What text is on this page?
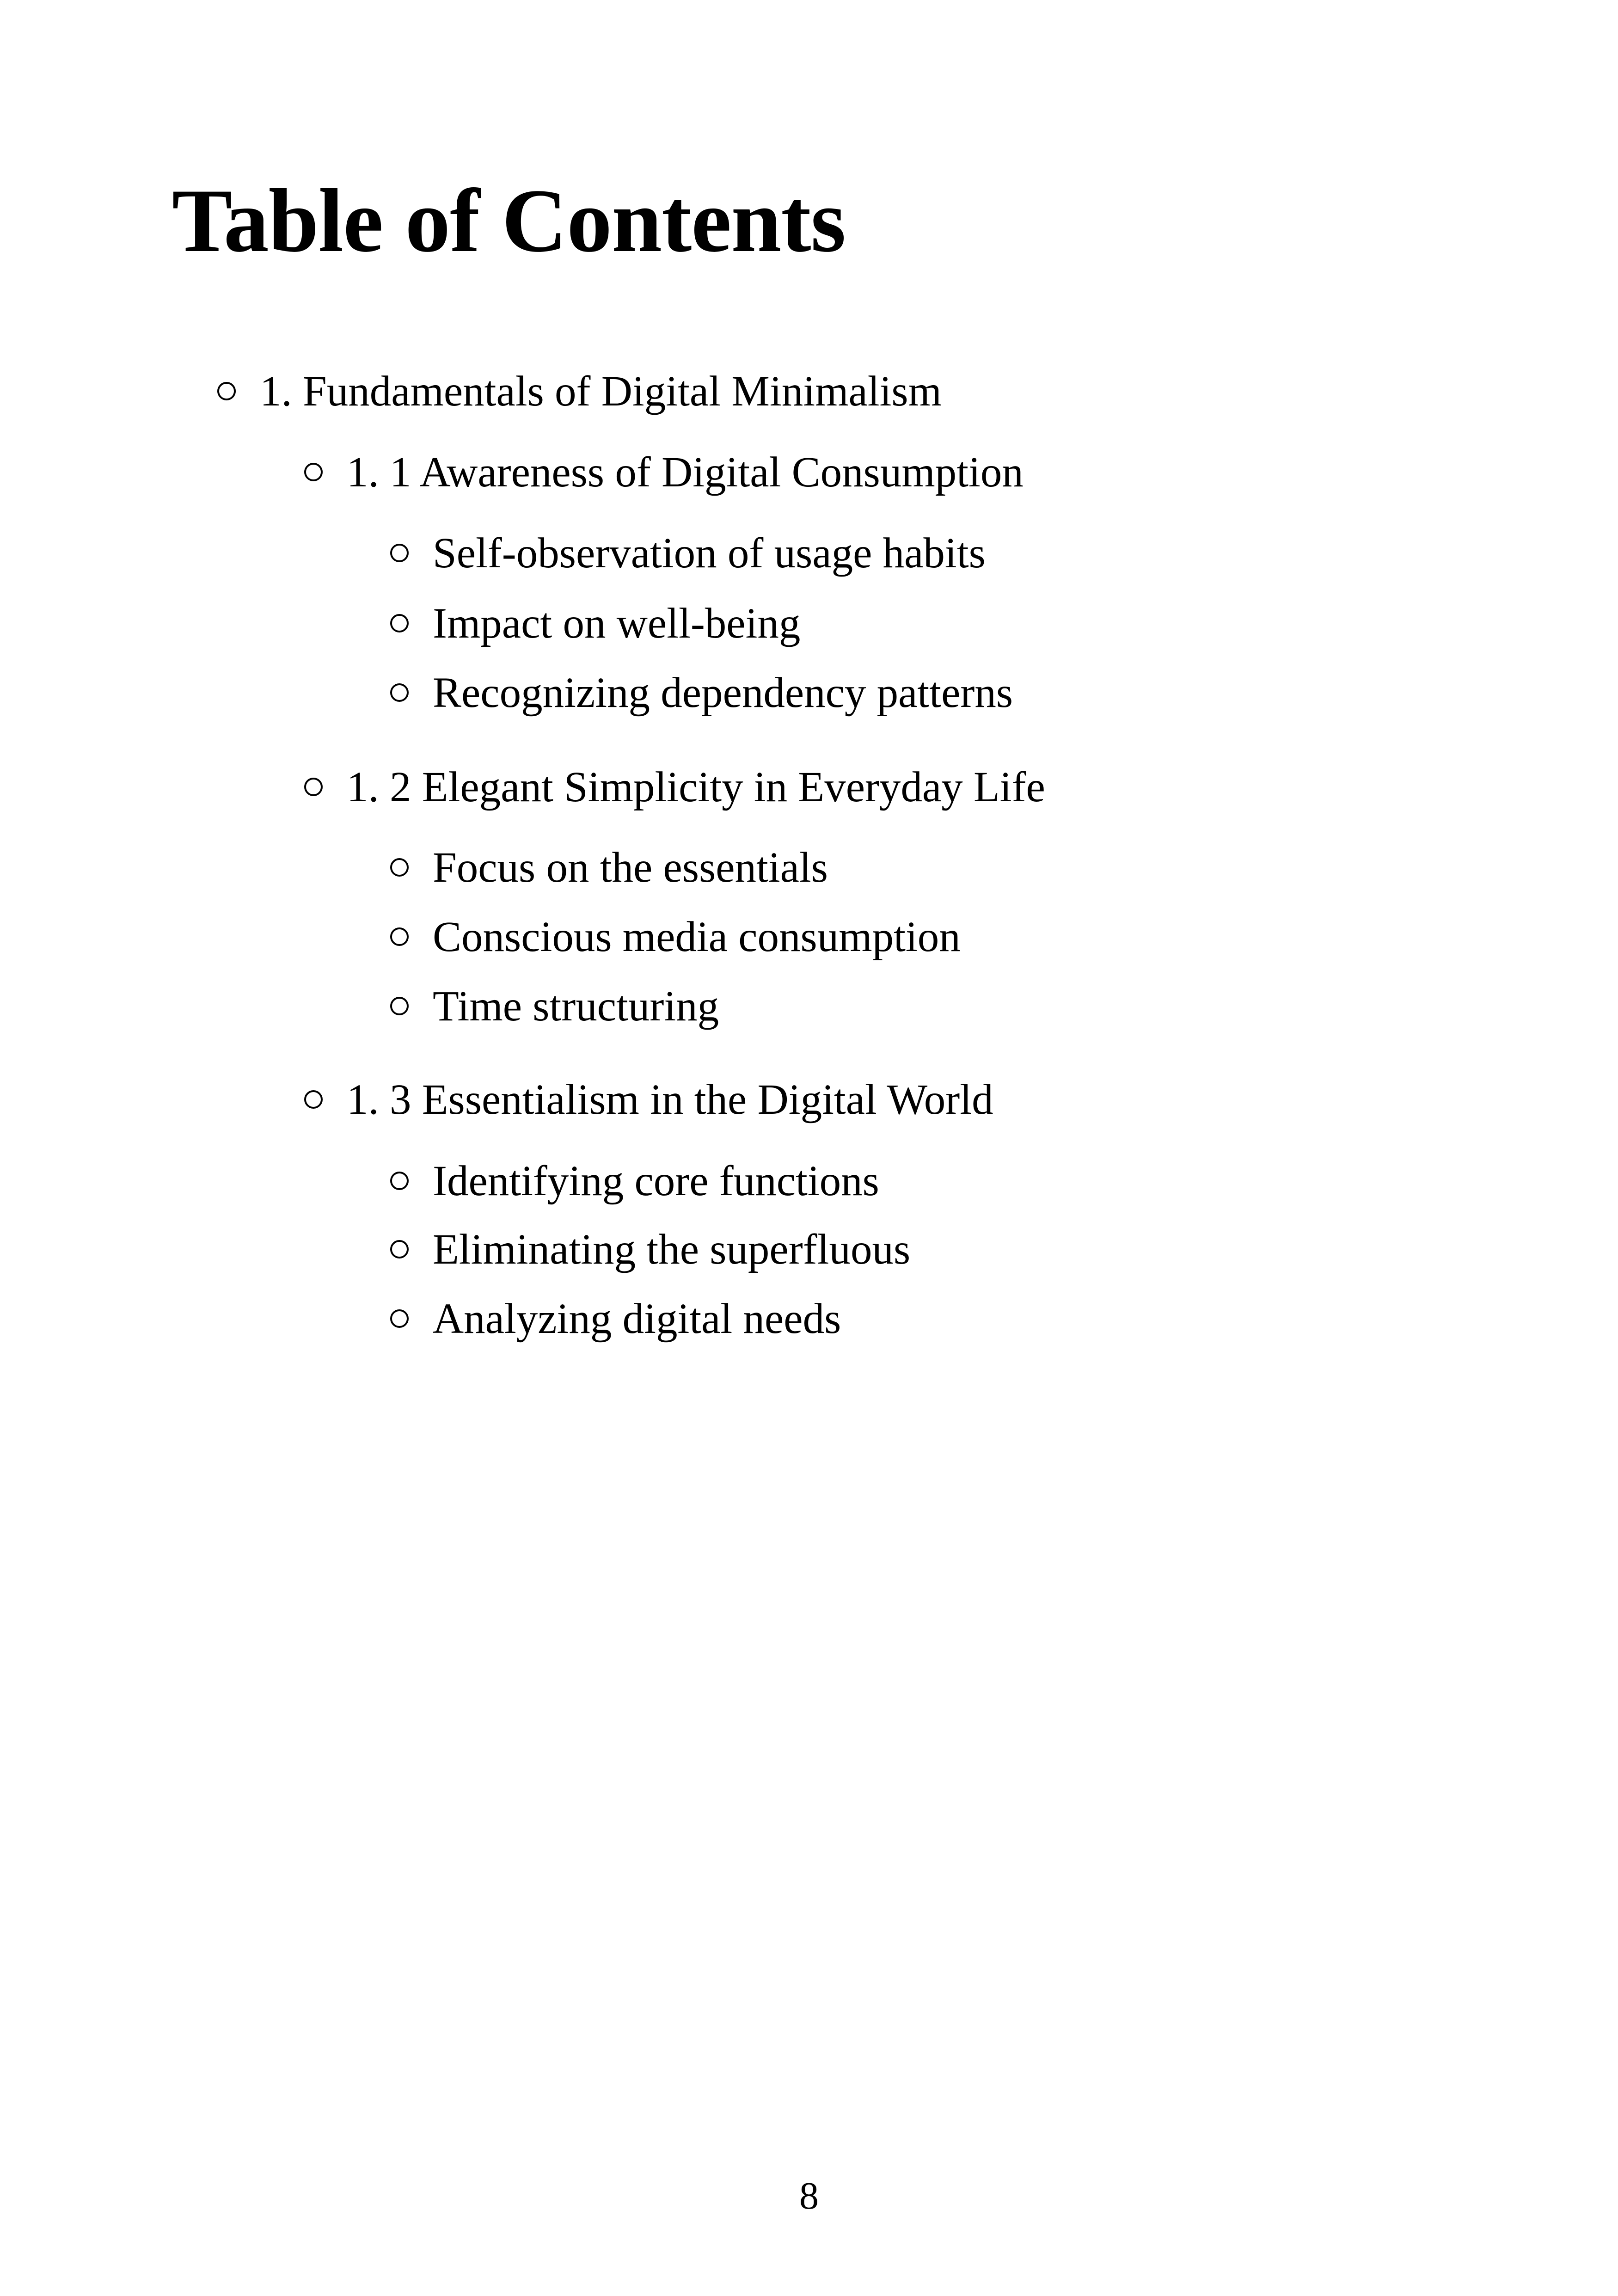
Table of Contents
1. Fundamentals of Digital Minimalism
1. 1 Awareness of Digital Consumption
Self-observation of usage habits
Impact on well-being
Recognizing dependency patterns
1. 2 Elegant Simplicity in Everyday Life
Focus on the essentials
Conscious media consumption
Time structuring
1. 3 Essentialism in the Digital World
Identifying core functions
Eliminating the superfluous
Analyzing digital needs
8
